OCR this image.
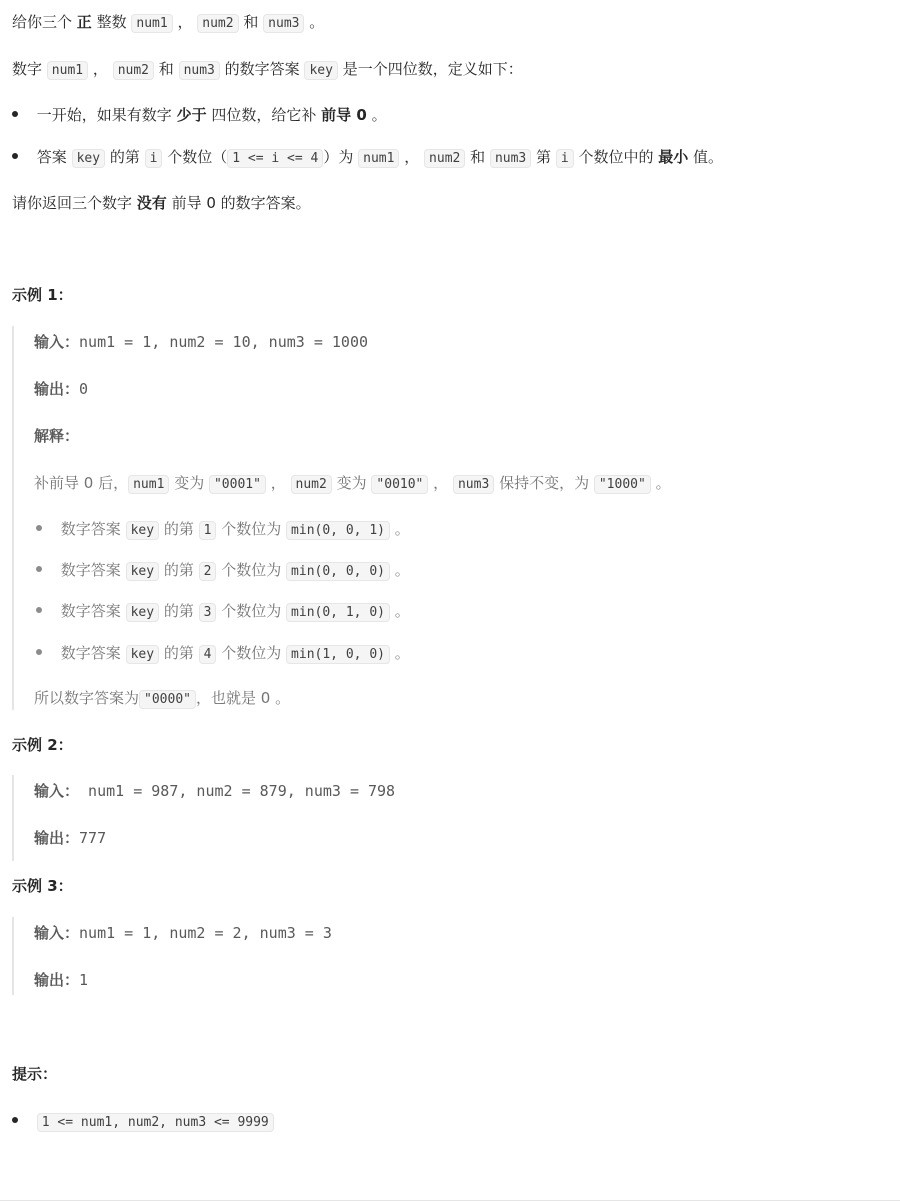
给你三个 正 整数 num1 ， num2 和 num3 。
数字 num1 ， num2 和 num3 的数字答案 key 是一个四位数，定义如下：
一开始，如果有数字 少于 四位数，给它补 前导 0 。
答案 key 的第 i 个数位（ 1 <= i <= 4 ）为 num1 ， num2 和 num3 第 i 个数位中的 最小 值。
请你返回三个数字 没有 前导 0 的数字答案。
示例 1：
输入：num1 = 1, num2 = 10, num3 = 1000
输出：0
解释：
补前导 0 后， num1 变为 "0001" ， num2 变为 "0010" ， num3 保持不变，为 "1000" 。
数字答案 key 的第 1 个数位为 min(0, 0, 1) 。
数字答案 key 的第 2 个数位为 min(0, 0, 0) 。
数字答案 key 的第 3 个数位为 min(0, 1, 0) 。
数字答案 key 的第 4 个数位为 min(1, 0, 0) 。
所以数字答案为 "0000" ，也就是 0 。
示例 2：
输入： num1 = 987, num2 = 879, num3 = 798
输出：777
示例 3：
输入：num1 = 1, num2 = 2, num3 = 3
输出：1
提示：
1 <= num1, num2, num3 <= 9999
